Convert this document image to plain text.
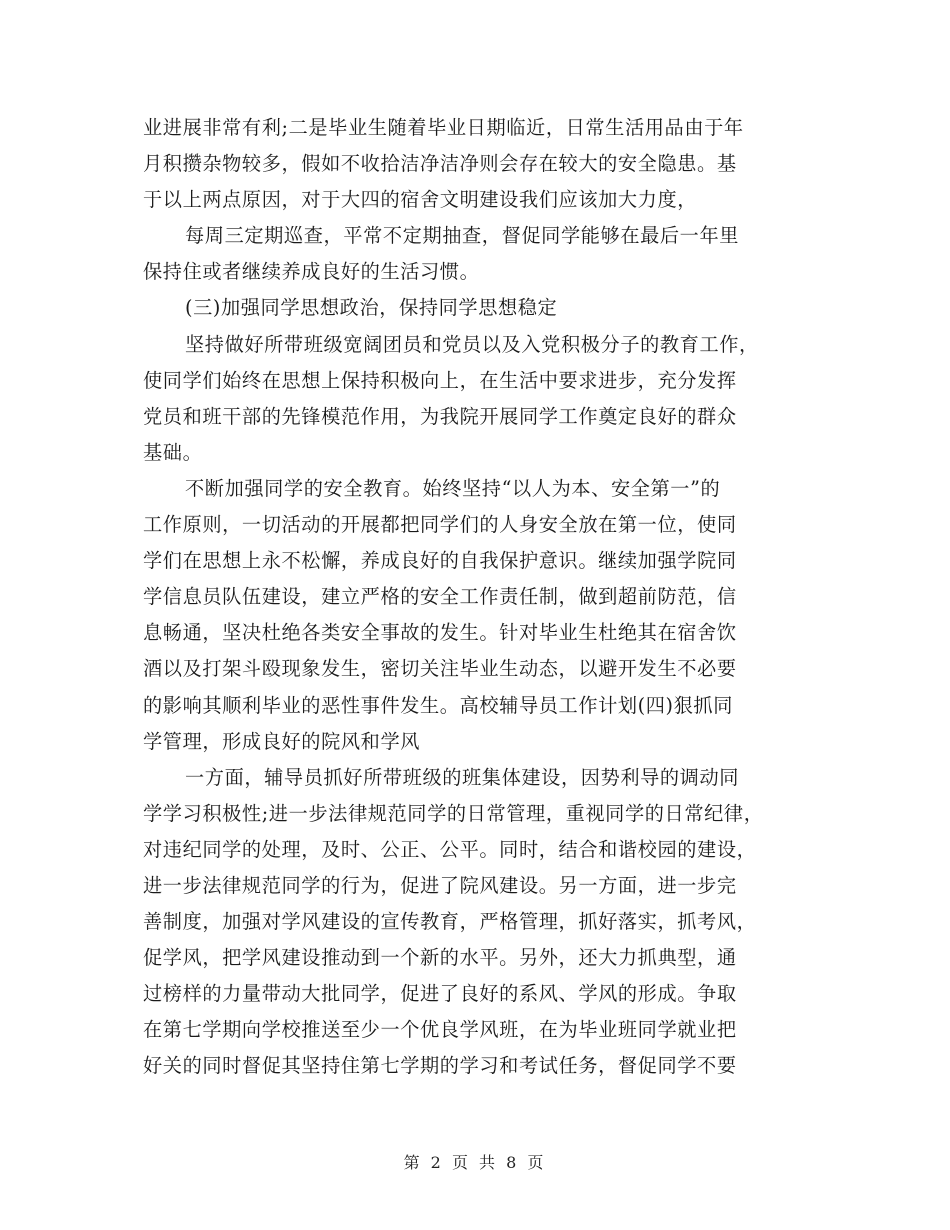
业进展非常有利;二是毕业生随着毕业日期临近，日常生活用品由于年
月积攒杂物较多，假如不收拾洁净洁净则会存在较大的安全隐患。基
于以上两点原因，对于大四的宿舍文明建设我们应该加大力度，
每周三定期巡查，平常不定期抽查，督促同学能够在最后一年里
保持住或者继续养成良好的生活习惯。
(三)加强同学思想政治，保持同学思想稳定
坚持做好所带班级宽阔团员和党员以及入党积极分子的教育工作，
使同学们始终在思想上保持积极向上，在生活中要求进步，充分发挥
党员和班干部的先锋模范作用，为我院开展同学工作奠定良好的群众
基础。
不断加强同学的安全教育。始终坚持“以人为本、安全第一”的
工作原则，一切活动的开展都把同学们的人身安全放在第一位，使同
学们在思想上永不松懈，养成良好的自我保护意识。继续加强学院同
学信息员队伍建设，建立严格的安全工作责任制，做到超前防范，信
息畅通，坚决杜绝各类安全事故的发生。针对毕业生杜绝其在宿舍饮
酒以及打架斗殴现象发生，密切关注毕业生动态，以避开发生不必要
的影响其顺利毕业的恶性事件发生。高校辅导员工作计划(四)狠抓同
学管理，形成良好的院风和学风
一方面，辅导员抓好所带班级的班集体建设，因势利导的调动同
学学习积极性;进一步法律规范同学的日常管理，重视同学的日常纪律，
对违纪同学的处理，及时、公正、公平。同时，结合和谐校园的建设，
进一步法律规范同学的行为，促进了院风建设。另一方面，进一步完
善制度，加强对学风建设的宣传教育，严格管理，抓好落实，抓考风，
促学风，把学风建设推动到一个新的水平。另外，还大力抓典型，通
过榜样的力量带动大批同学，促进了良好的系风、学风的形成。争取
在第七学期向学校推送至少一个优良学风班，在为毕业班同学就业把
好关的同时督促其坚持住第七学期的学习和考试任务，督促同学不要
第 2 页 共 8 页
